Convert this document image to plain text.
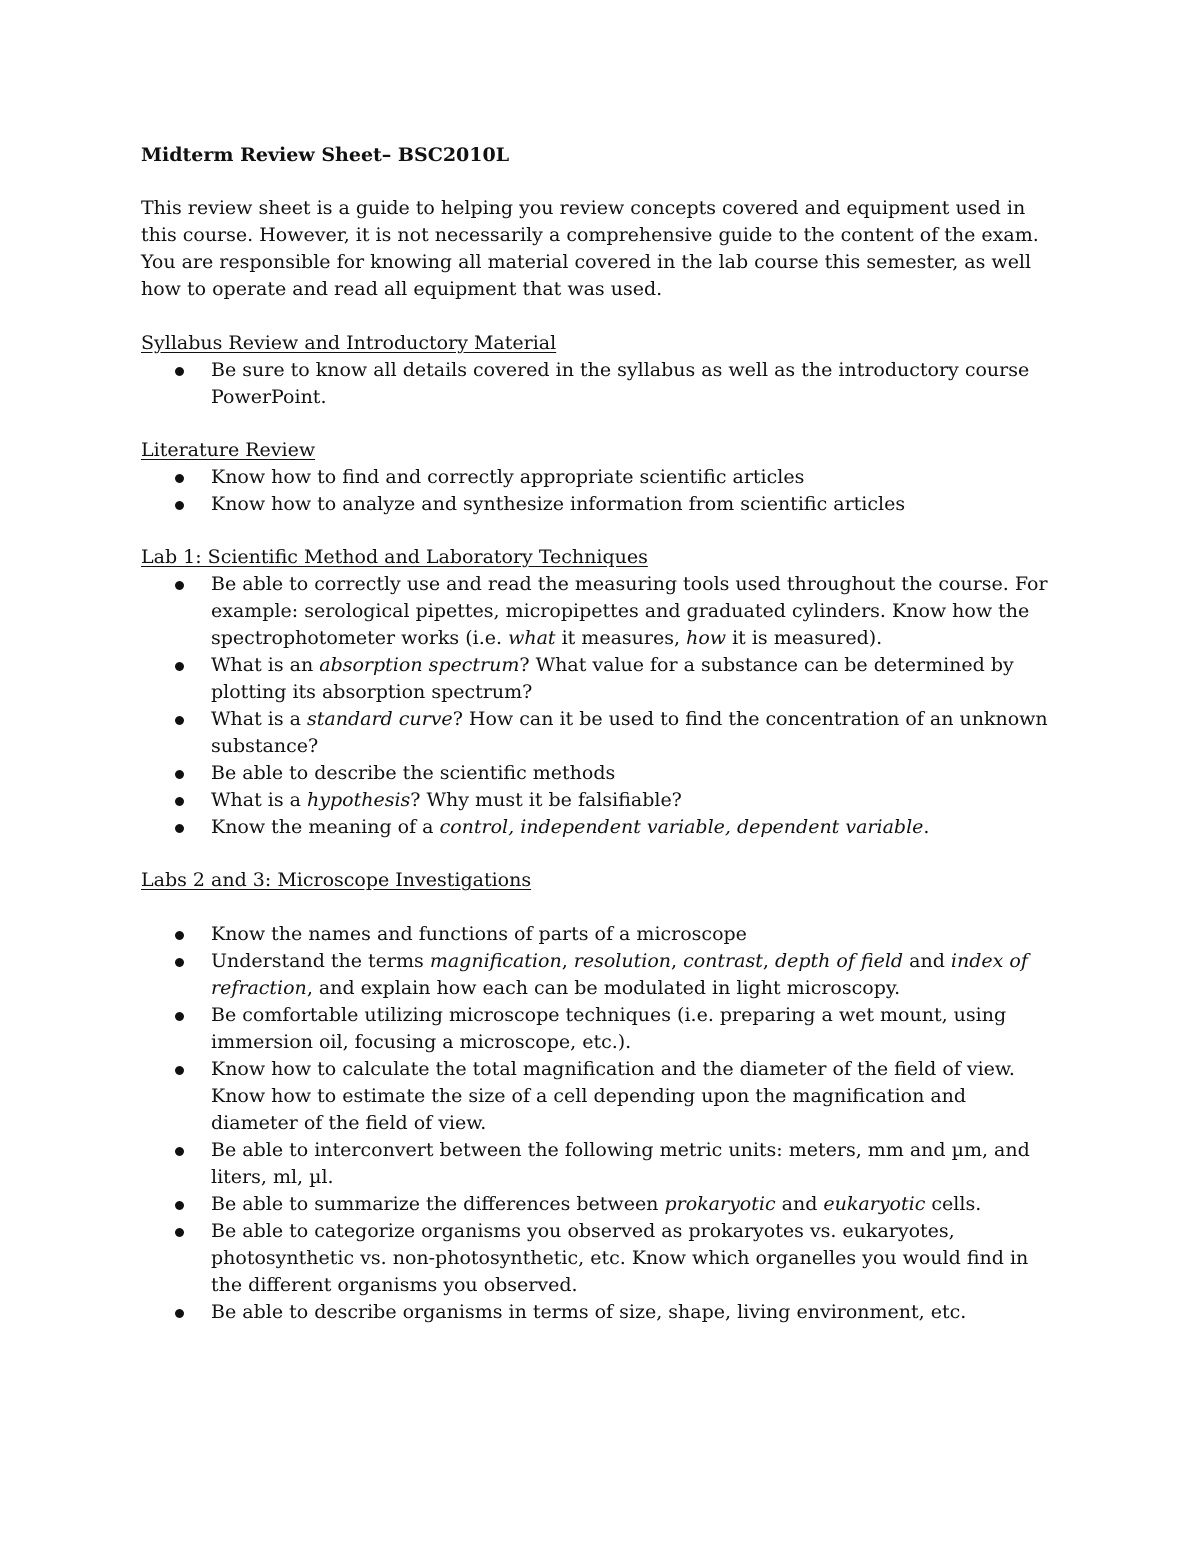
Midterm Review Sheet– BSC2010L

This review sheet is a guide to helping you review concepts covered and equipment used in this course. However, it is not necessarily a comprehensive guide to the content of the exam. You are responsible for knowing all material covered in the lab course this semester, as well how to operate and read all equipment that was used.

Syllabus Review and Introductory Material
Be sure to know all details covered in the syllabus as well as the introductory course PowerPoint.
Literature Review
Know how to find and correctly appropriate scientific articles
Know how to analyze and synthesize information from scientific articles
Lab 1: Scientific Method and Laboratory Techniques
Be able to correctly use and read the measuring tools used throughout the course. For example: serological pipettes, micropipettes and graduated cylinders. Know how the spectrophotometer works (i.e. what it measures, how it is measured).
What is an absorption spectrum? What value for a substance can be determined by plotting its absorption spectrum?
What is a standard curve? How can it be used to find the concentration of an unknown substance?
Be able to describe the scientific methods
What is a hypothesis? Why must it be falsifiable?
Know the meaning of a control, independent variable, dependent variable.
Labs 2 and 3: Microscope Investigations
Know the names and functions of parts of a microscope
Understand the terms magnification, resolution, contrast, depth of field and index of refraction, and explain how each can be modulated in light microscopy.
Be comfortable utilizing microscope techniques (i.e. preparing a wet mount, using immersion oil, focusing a microscope, etc.).
Know how to calculate the total magnification and the diameter of the field of view. Know how to estimate the size of a cell depending upon the magnification and diameter of the field of view.
Be able to interconvert between the following metric units: meters, mm and µm, and liters, ml, µl.
Be able to summarize the differences between prokaryotic and eukaryotic cells.
Be able to categorize organisms you observed as prokaryotes vs. eukaryotes, photosynthetic vs. non-photosynthetic, etc. Know which organelles you would find in the different organisms you observed.
Be able to describe organisms in terms of size, shape, living environment, etc.
